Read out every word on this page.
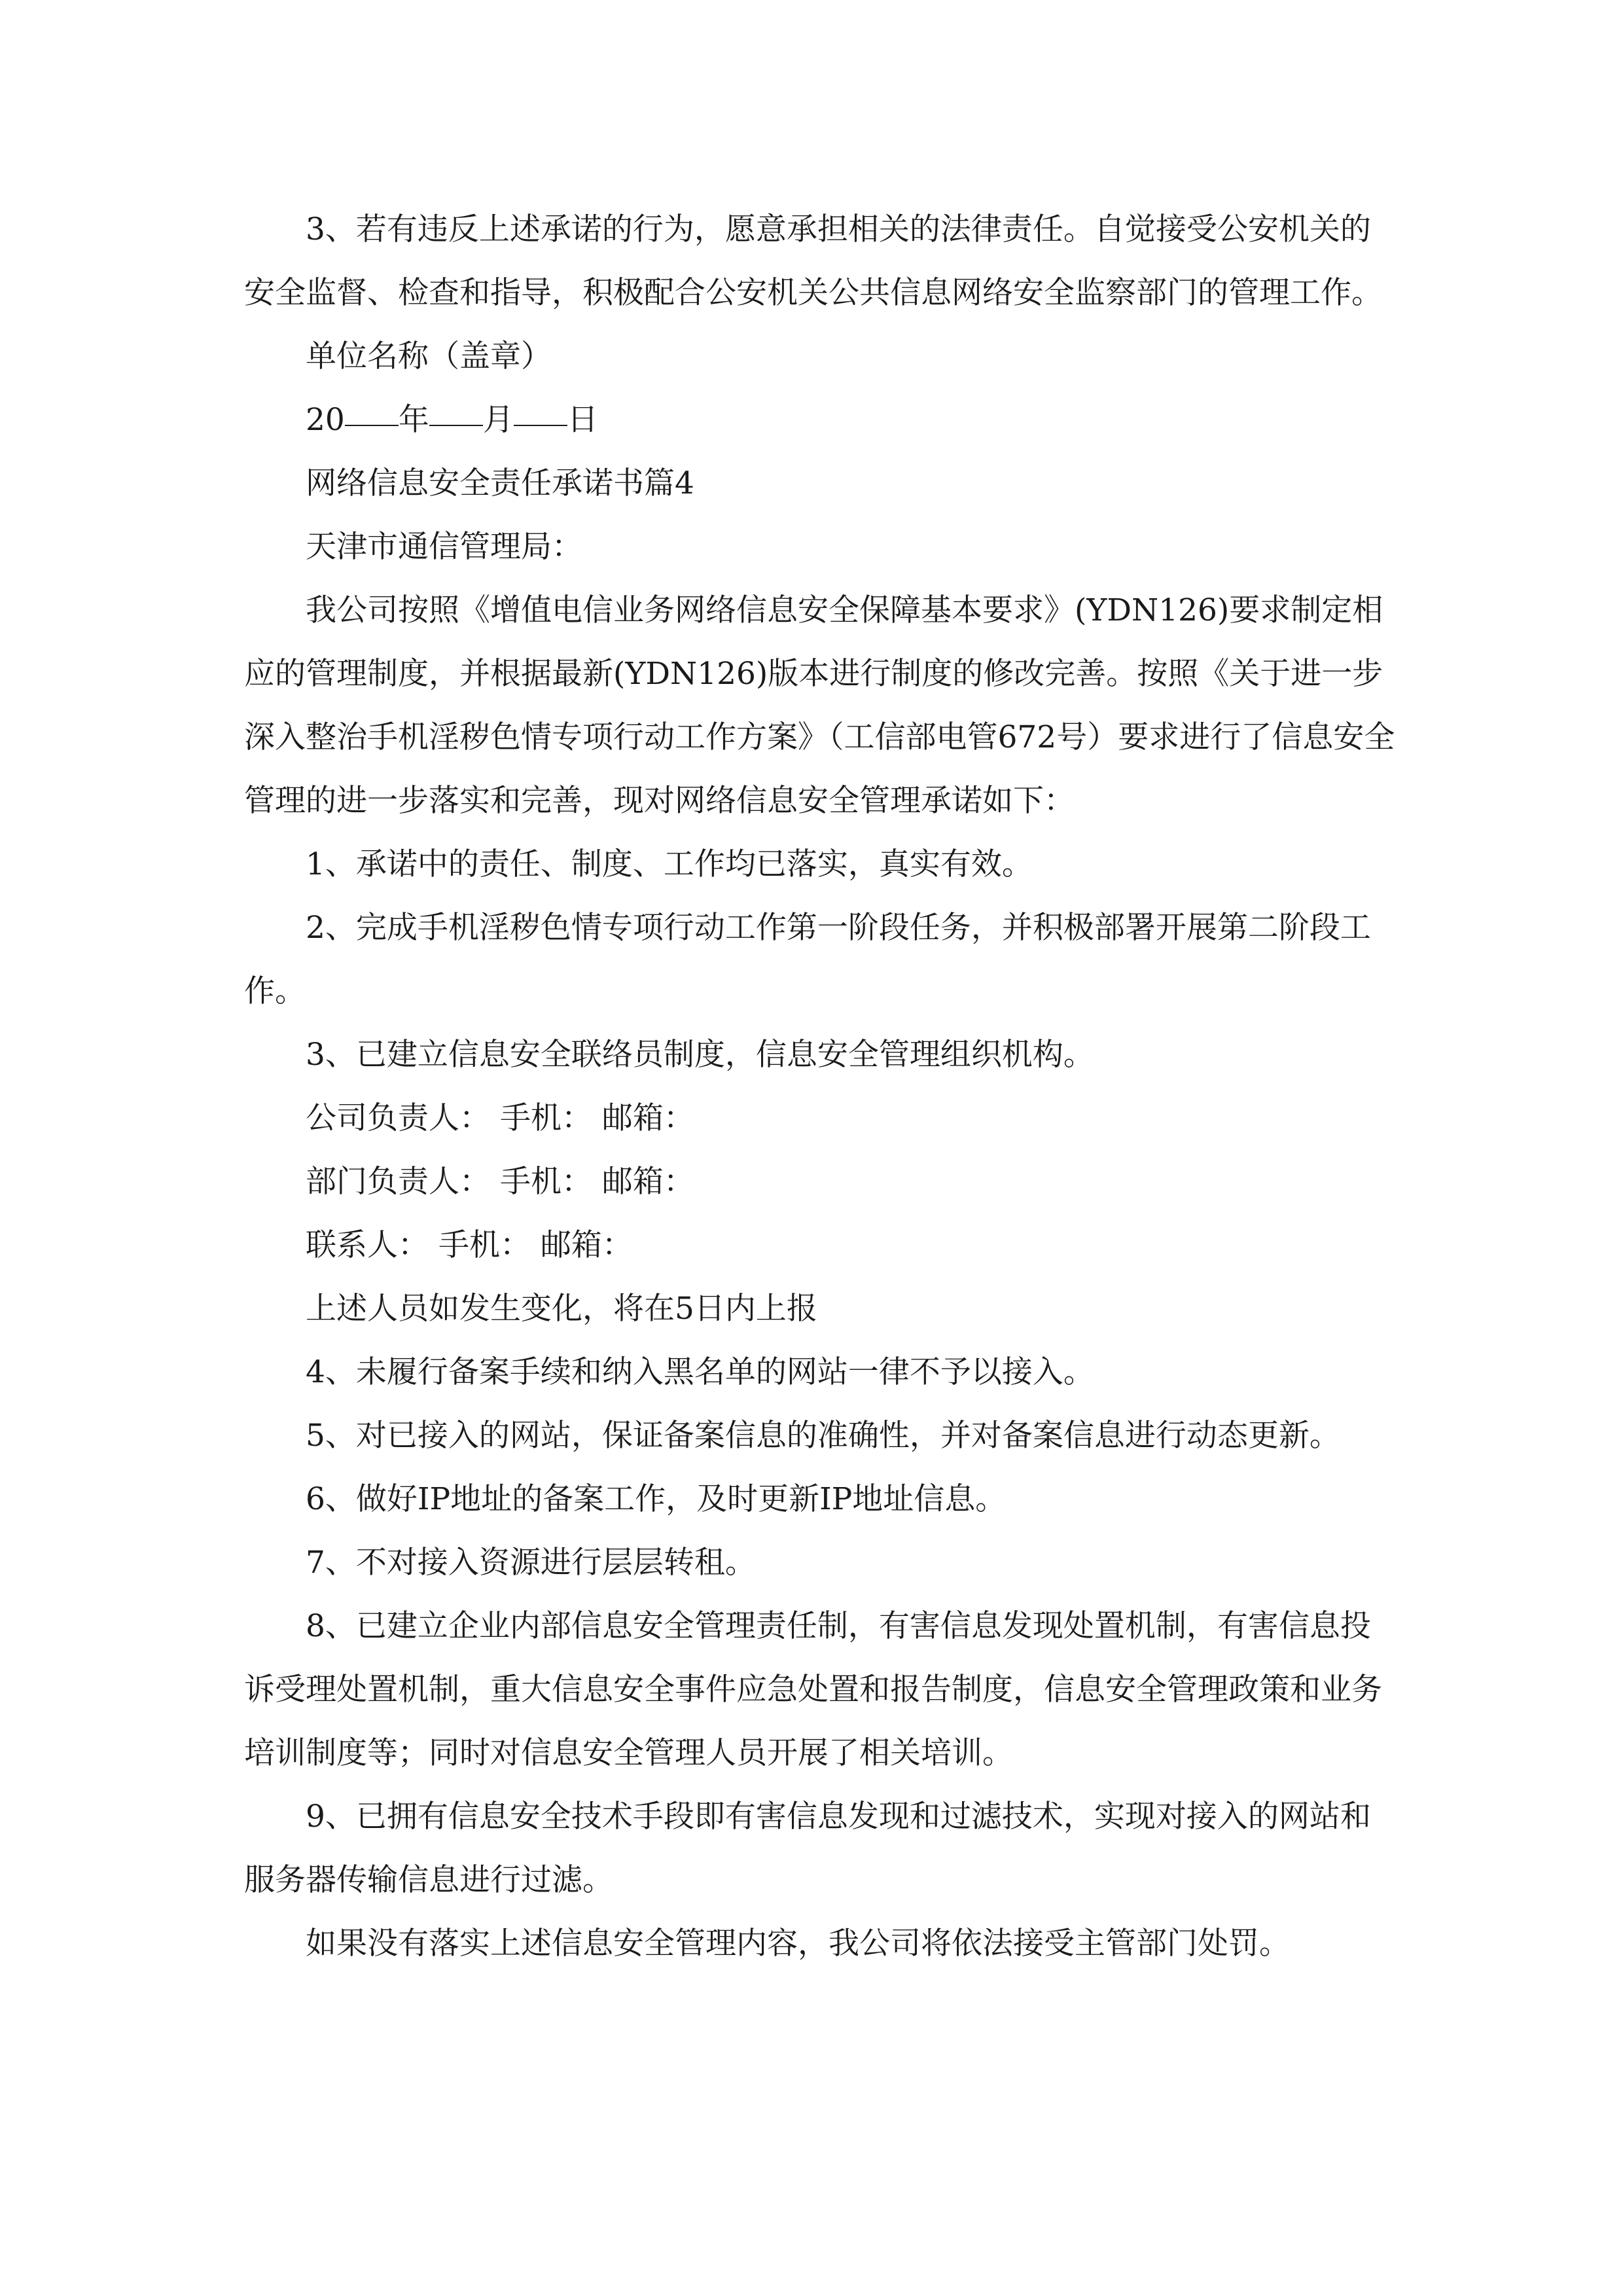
3、若有违反上述承诺的行为，愿意承担相关的法律责任。自觉接受公安机关的安全监督、检查和指导，积极配合公安机关公共信息网络安全监察部门的管理工作。

单位名称（盖章）

20 年 月 日

网络信息安全责任承诺书篇4

天津市通信管理局：

我公司按照《增值电信业务网络信息安全保障基本要求》(YDN126)要求制定相应的管理制度，并根据最新(YDN126)版本进行制度的修改完善。按照《关于进一步深入整治手机淫秽色情专项行动工作方案》（工信部电管672号）要求进行了信息安全管理的进一步落实和完善，现对网络信息安全管理承诺如下：

1、承诺中的责任、制度、工作均已落实，真实有效。

2、完成手机淫秽色情专项行动工作第一阶段任务，并积极部署开展第二阶段工作。

3、已建立信息安全联络员制度，信息安全管理组织机构。

公司负责人： 手机： 邮箱：

部门负责人： 手机： 邮箱：

联系人： 手机： 邮箱：

上述人员如发生变化，将在5日内上报

4、未履行备案手续和纳入黑名单的网站一律不予以接入。

5、对已接入的网站，保证备案信息的准确性，并对备案信息进行动态更新。

6、做好IP地址的备案工作，及时更新IP地址信息。

7、不对接入资源进行层层转租。

8、已建立企业内部信息安全管理责任制，有害信息发现处置机制，有害信息投诉受理处置机制，重大信息安全事件应急处置和报告制度，信息安全管理政策和业务培训制度等；同时对信息安全管理人员开展了相关培训。

9、已拥有信息安全技术手段即有害信息发现和过滤技术，实现对接入的网站和服务器传输信息进行过滤。

如果没有落实上述信息安全管理内容，我公司将依法接受主管部门处罚。
